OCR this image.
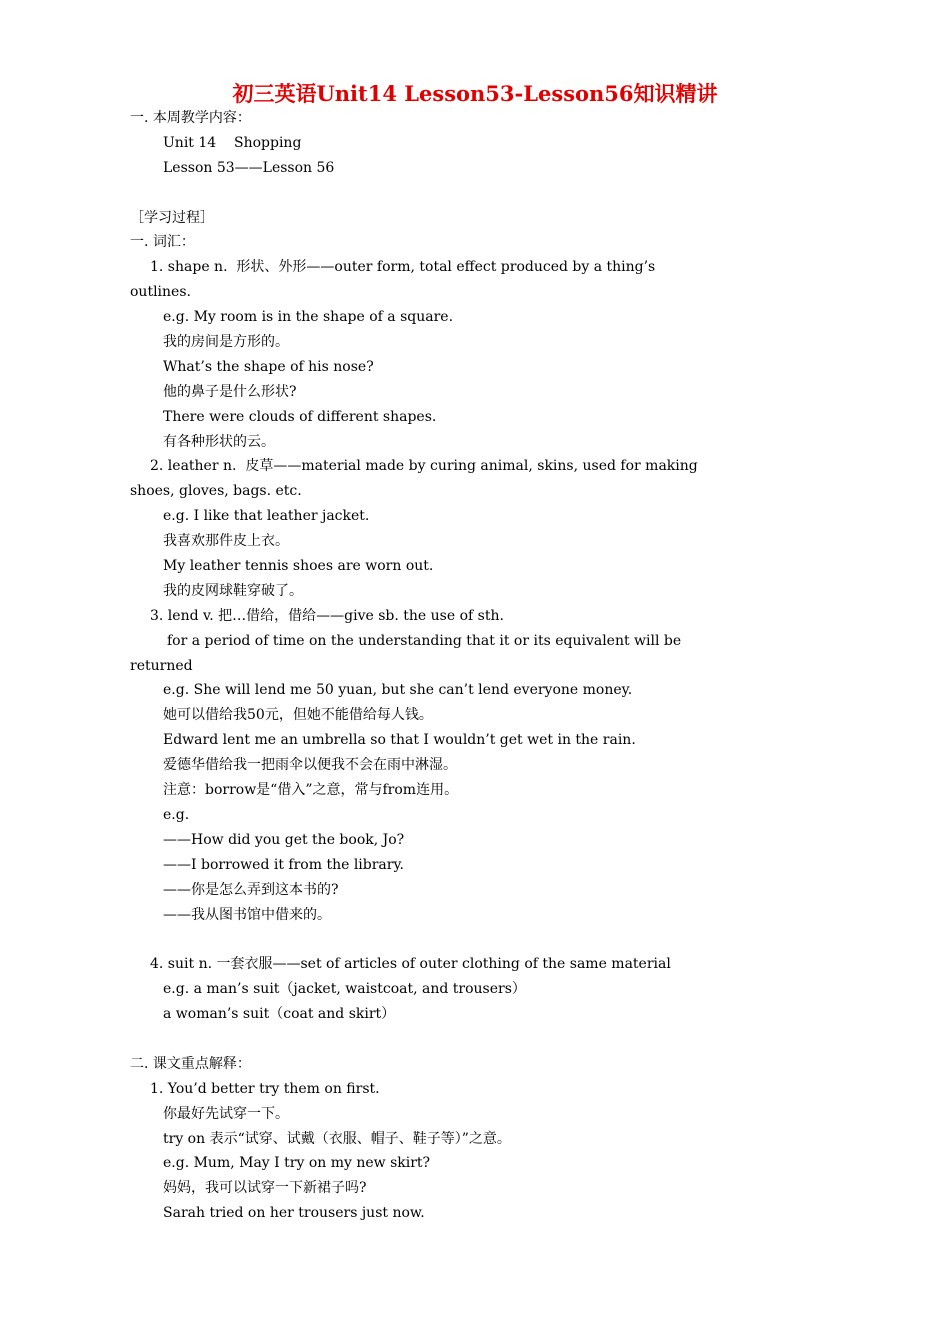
初三英语Unit14 Lesson53-Lesson56知识精讲
一. 本周教学内容：
Unit 14    Shopping
Lesson 53——Lesson 56
［学习过程］
一. 词汇：
1. shape n.  形状、外形——outer form, total effect produced by a thing’s
outlines.
e.g. My room is in the shape of a square.
我的房间是方形的。
What’s the shape of his nose?
他的鼻子是什么形状?
There were clouds of different shapes.
有各种形状的云。
2. leather n.  皮草——material made by curing animal, skins, used for making
shoes, gloves, bags. etc.
e.g. I like that leather jacket.
我喜欢那件皮上衣。
My leather tennis shoes are worn out.
我的皮网球鞋穿破了。
3. lend v. 把…借给，借给——give sb. the use of sth.
for a period of time on the understanding that it or its equivalent will be
returned
e.g. She will lend me 50 yuan, but she can’t lend everyone money.
她可以借给我50元，但她不能借给每人钱。
Edward lent me an umbrella so that I wouldn’t get wet in the rain.
爱德华借给我一把雨伞以便我不会在雨中淋湿。
注意：borrow是“借入”之意，常与from连用。
e.g.
——How did you get the book, Jo?
——I borrowed it from the library.
——你是怎么弄到这本书的?
——我从图书馆中借来的。
4. suit n. 一套衣服——set of articles of outer clothing of the same material
e.g. a man’s suit（jacket, waistcoat, and trousers）
a woman’s suit（coat and skirt）
二. 课文重点解释：
1. You’d better try them on first.
你最好先试穿一下。
try on 表示“试穿、试戴（衣服、帽子、鞋子等）”之意。
e.g. Mum, May I try on my new skirt?
妈妈，我可以试穿一下新裙子吗?
Sarah tried on her trousers just now.
